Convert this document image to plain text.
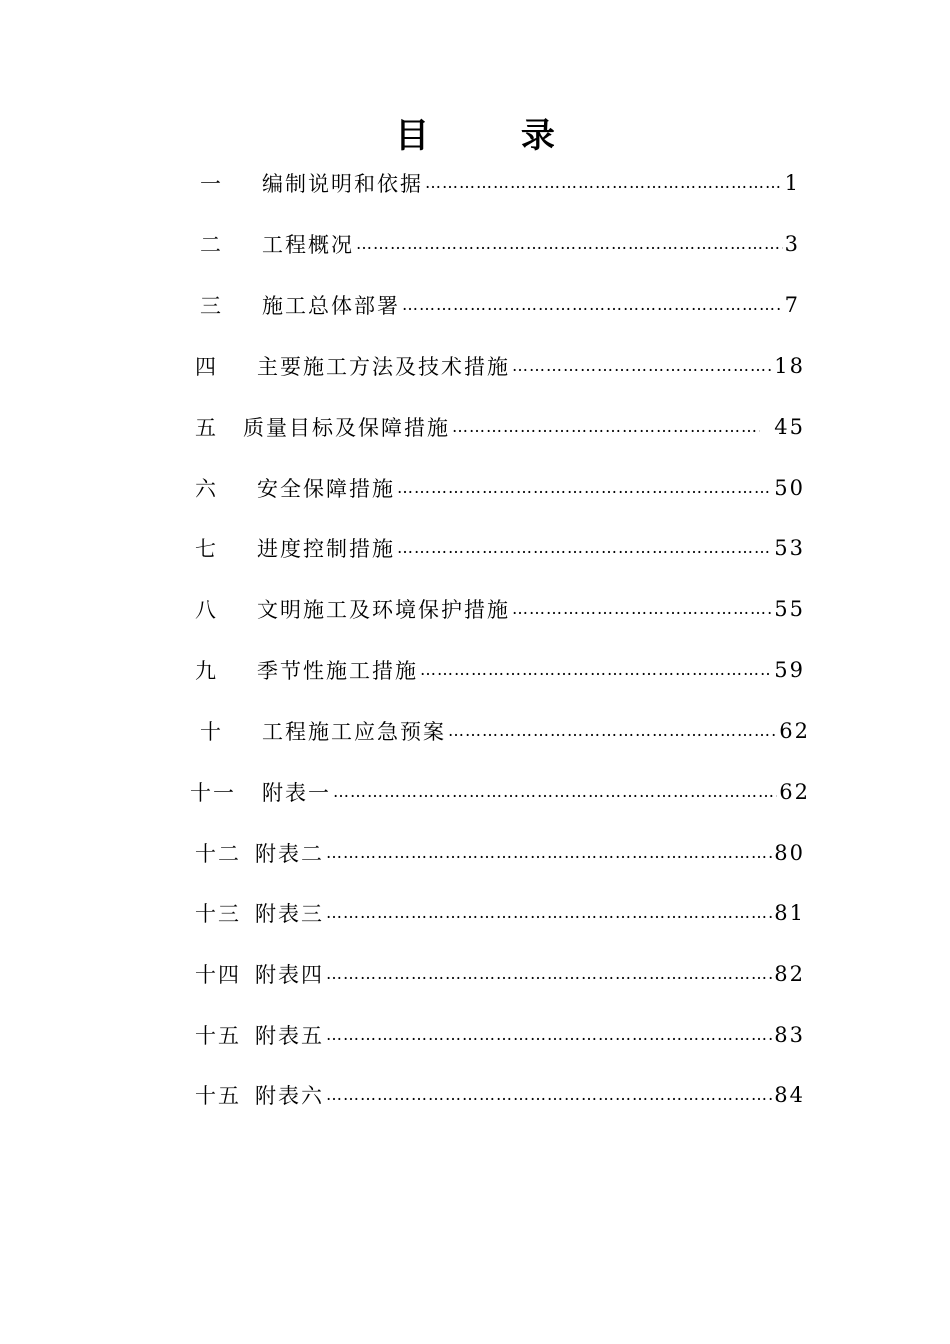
目 录
一	编制说明和依据 …………………………………………………………………………………………………………………………………………………………………………	1
二	工程概况 …………………………………………………………………………………………………………………………………………………………………………	3
三	施工总体部署 …………………………………………………………………………………………………………………………………………………………………………	7
四	主要施工方法及技术措施 …………………………………………………………………………………………………………………………………………………………………………	18
五	质量目标及保障措施 …………………………………………………………………………………………………………………………………………………………………………	45
六	安全保障措施 …………………………………………………………………………………………………………………………………………………………………………	50
七	进度控制措施 …………………………………………………………………………………………………………………………………………………………………………	53
八	文明施工及环境保护措施 …………………………………………………………………………………………………………………………………………………………………………	55
九	季节性施工措施 …………………………………………………………………………………………………………………………………………………………………………	59
十	工程施工应急预案 …………………………………………………………………………………………………………………………………………………………………………	62
十一	附表一 …………………………………………………………………………………………………………………………………………………………………………	62
十二 附表二 …………………………………………………………………………………………………………………………………………………………………………	80
十三 附表三 …………………………………………………………………………………………………………………………………………………………………………	81
十四 附表四 …………………………………………………………………………………………………………………………………………………………………………	82
十五 附表五 …………………………………………………………………………………………………………………………………………………………………………	83
十五 附表六 …………………………………………………………………………………………………………………………………………………………………………	84
